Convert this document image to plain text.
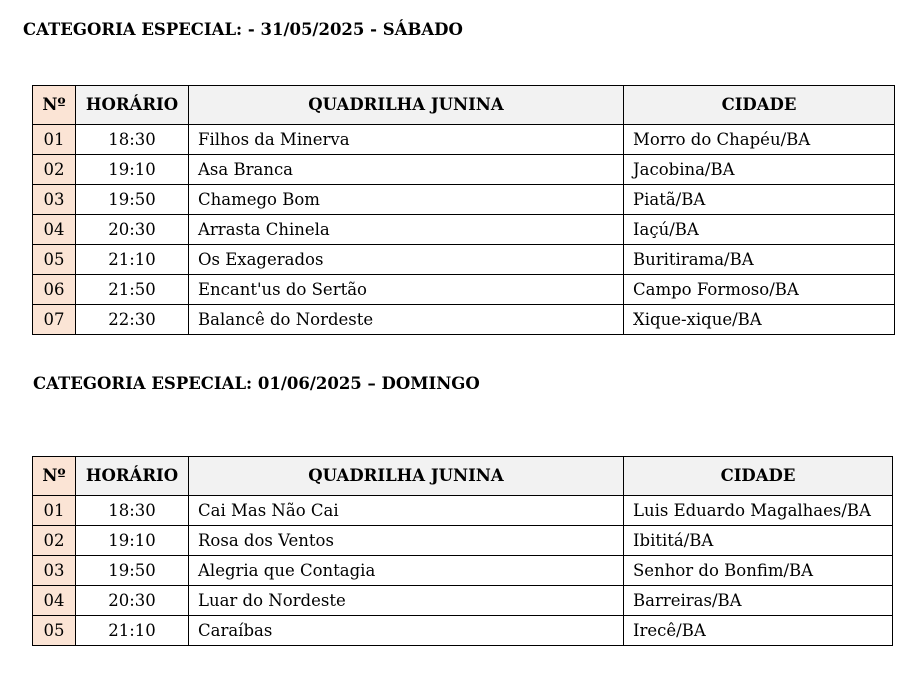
CATEGORIA ESPECIAL: - 31/05/2025 - SÁBADO
Nº	HORÁRIO	QUADRILHA JUNINA	CIDADE
01	18:30	Filhos da Minerva	Morro do Chapéu/BA
02	19:10	Asa Branca	Jacobina/BA
03	19:50	Chamego Bom	Piatã/BA
04	20:30	Arrasta Chinela	Iaçú/BA
05	21:10	Os Exagerados	Buritirama/BA
06	21:50	Encant'us do Sertão	Campo Formoso/BA
07	22:30	Balancê do Nordeste	Xique-xique/BA
CATEGORIA ESPECIAL: 01/06/2025 – DOMINGO
Nº	HORÁRIO	QUADRILHA JUNINA	CIDADE
01	18:30	Cai Mas Não Cai	Luis Eduardo Magalhaes/BA
02	19:10	Rosa dos Ventos	Ibititá/BA
03	19:50	Alegria que Contagia	Senhor do Bonfim/BA
04	20:30	Luar do Nordeste	Barreiras/BA
05	21:10	Caraíbas	Irecê/BA
